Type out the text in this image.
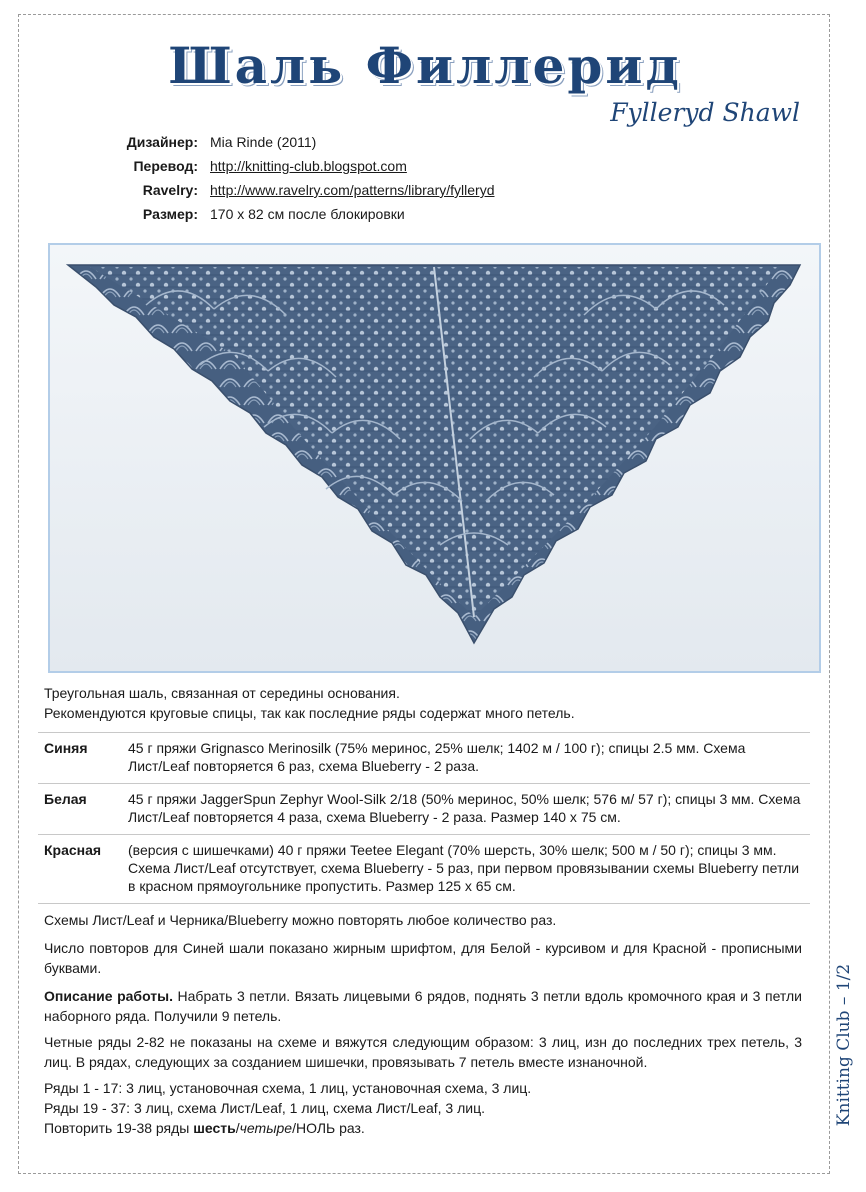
Шаль Филлерид
Fylleryd Shawl
Дизайнер:	Mia Rinde (2011)
Перевод:	http://knitting-club.blogspot.com
Ravelry:	http://www.ravelry.com/patterns/library/fylleryd
Размер:	170 х 82 см после блокировки
Треугольная шаль, связанная от середины основания.
Рекомендуются круговые спицы, так как последние ряды содержат много петель.
Синяя	45 г пряжи Grignasco Merinosilk (75% меринос, 25% шелк; 1402 м / 100 г); спицы 2.5 мм. Схема Лист/Leaf повторяется 6 раз, схема Blueberry - 2 раза.
Белая	45 г пряжи JaggerSpun Zephyr Wool-Silk 2/18 (50% меринос, 50% шелк; 576 м/ 57 г); спицы 3 мм. Схема Лист/Leaf повторяется 4 раза, схема Blueberry - 2 раза. Размер 140 х 75 см.
Красная	(версия с шишечками) 40 г пряжи Teetee Elegant (70% шерсть, 30% шелк; 500 м / 50 г); спицы 3 мм. Схема Лист/Leaf отсутствует, схема Blueberry - 5 раз, при первом провязывании схемы Blueberry петли в красном прямоугольнике пропустить. Размер 125 х 65 см.
Схемы Лист/Leaf и Черника/Blueberry можно повторять любое количество раз.
Число повторов для Синей шали показано жирным шрифтом, для Белой - курсивом и для Красной - прописными буквами.
Описание работы. Набрать 3 петли. Вязать лицевыми 6 рядов, поднять 3 петли вдоль кромочного края и 3 петли наборного ряда. Получили 9 петель.
Четные ряды 2-82 не показаны на схеме и вяжутся следующим образом: 3 лиц, изн до последних трех петель, 3 лиц. В рядах, следующих за созданием шишечки, провязывать 7 петель вместе изнаночной.
Ряды 1 - 17: 3 лиц, установочная схема, 1 лиц, установочная схема, 3 лиц.
Ряды 19 - 37: 3 лиц, схема Лист/Leaf, 1 лиц, схема Лист/Leaf, 3 лиц.
Повторить 19-38 ряды шесть/четыре/НОЛЬ раз.
Knitting Club – 1/2
